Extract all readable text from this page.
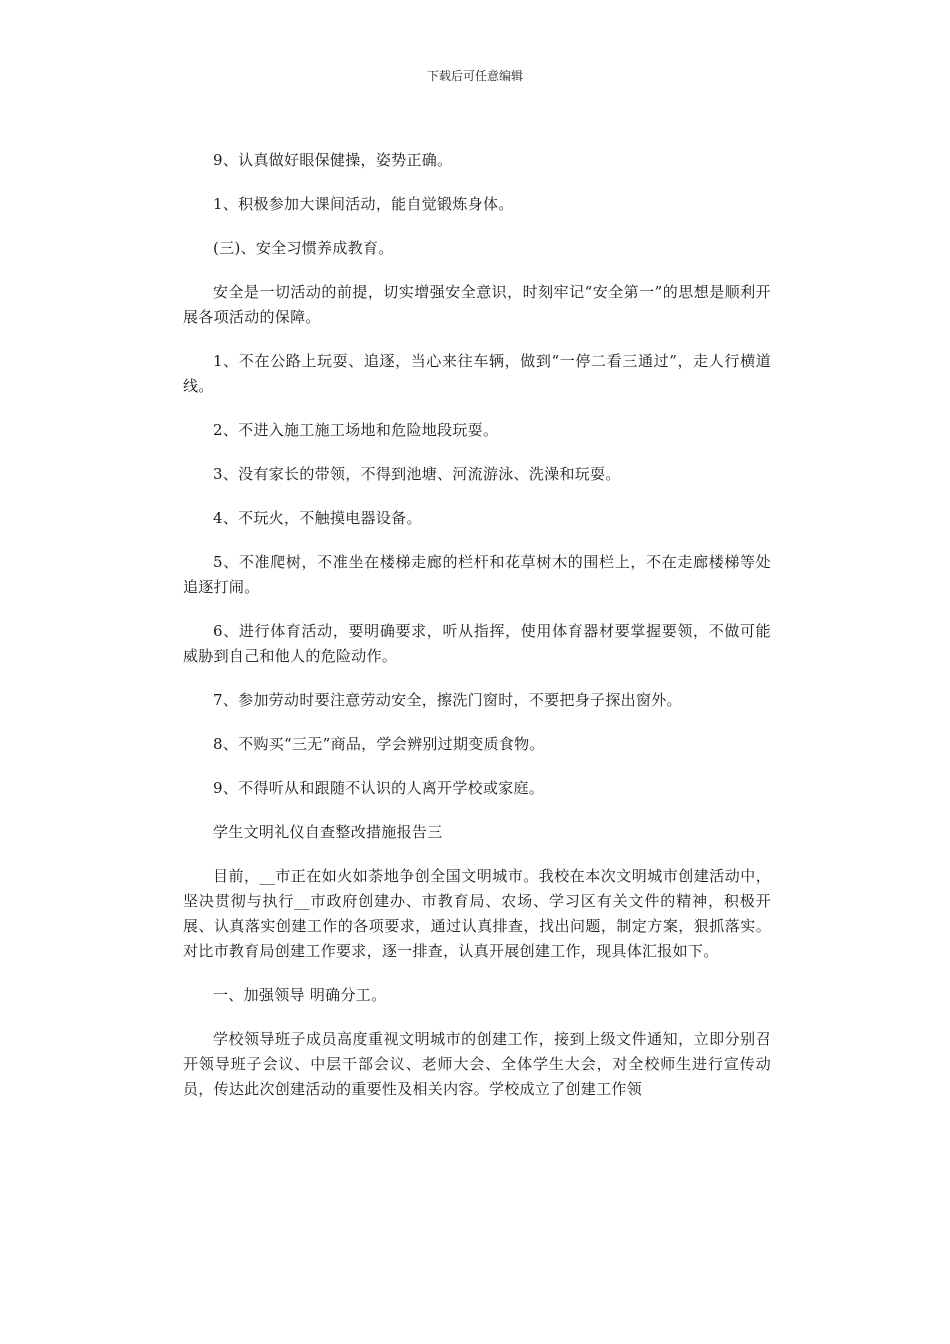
下载后可任意编辑

9、认真做好眼保健操，姿势正确。

1、积极参加大课间活动，能自觉锻炼身体。

(三)、安全习惯养成教育。

安全是一切活动的前提，切实增强安全意识，时刻牢记“安全第一”的思想是顺利开展各项活动的保障。

1、不在公路上玩耍、追逐，当心来往车辆，做到“一停二看三通过”，走人行横道线。

2、不进入施工施工场地和危险地段玩耍。

3、没有家长的带领，不得到池塘、河流游泳、洗澡和玩耍。

4、不玩火，不触摸电器设备。

5、不准爬树，不准坐在楼梯走廊的栏杆和花草树木的围栏上，不在走廊楼梯等处追逐打闹。

6、进行体育活动，要明确要求，听从指挥，使用体育器材要掌握要领，不做可能威胁到自己和他人的危险动作。

7、参加劳动时要注意劳动安全，擦洗门窗时，不要把身子探出窗外。

8、不购买“三无”商品，学会辨别过期变质食物。

9、不得听从和跟随不认识的人离开学校或家庭。

学生文明礼仪自查整改措施报告三

目前，__市正在如火如荼地争创全国文明城市。我校在本次文明城市创建活动中，坚决贯彻与执行__市政府创建办、市教育局、农场、学习区有关文件的精神，积极开展、认真落实创建工作的各项要求，通过认真排查，找出问题，制定方案，狠抓落实。对比市教育局创建工作要求，逐一排查，认真开展创建工作，现具体汇报如下。

一、加强领导 明确分工。

学校领导班子成员高度重视文明城市的创建工作，接到上级文件通知，立即分别召开领导班子会议、中层干部会议、老师大会、全体学生大会，对全校师生进行宣传动员，传达此次创建活动的重要性及相关内容。学校成立了创建工作领
